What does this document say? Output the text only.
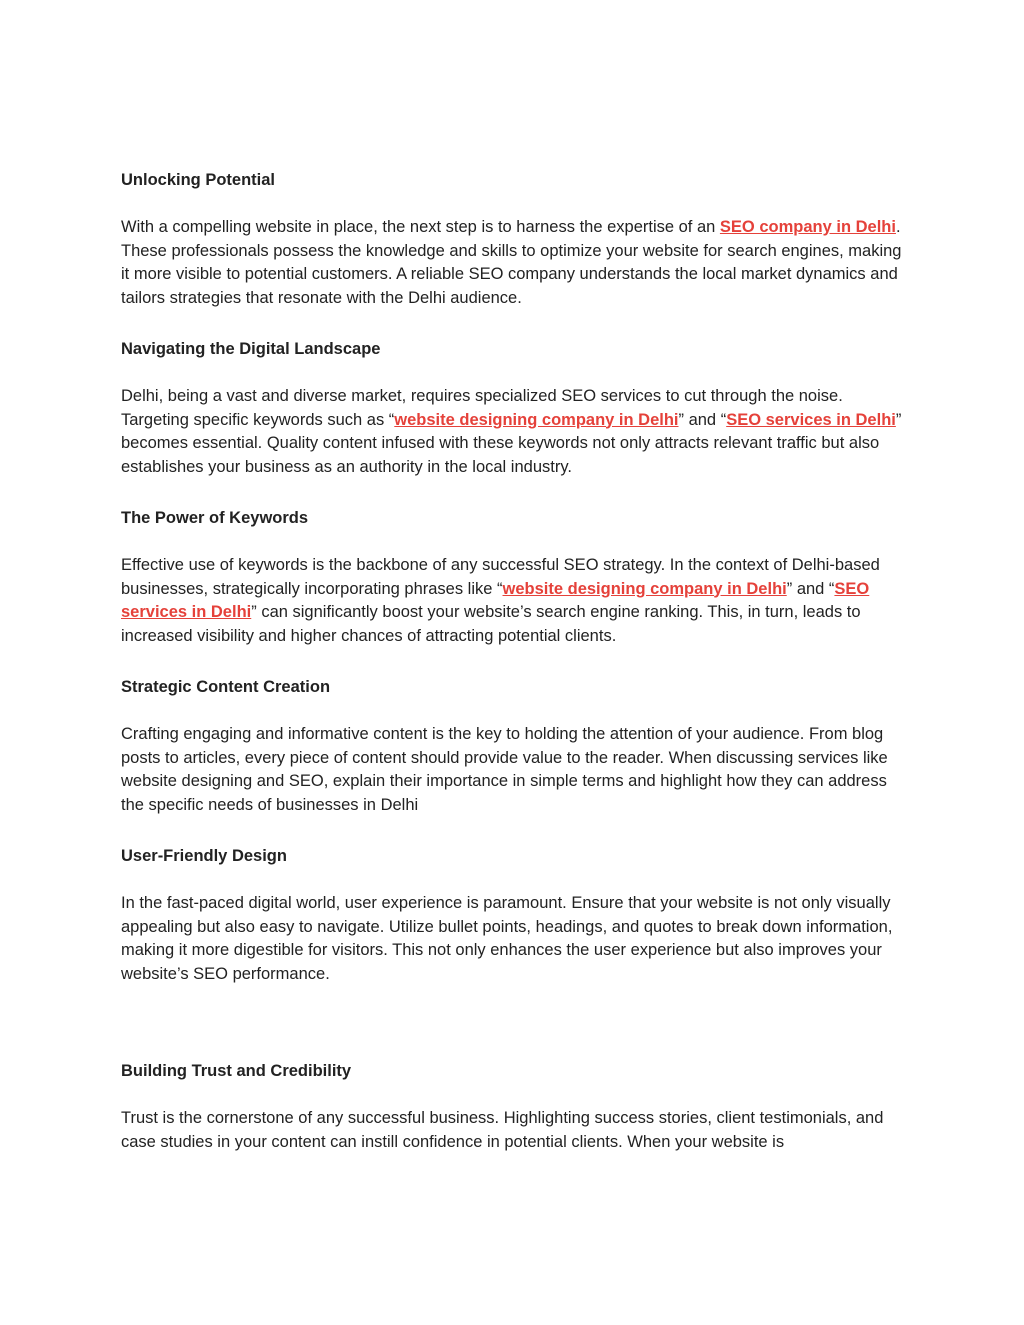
Unlocking Potential

With a compelling website in place, the next step is to harness the expertise of an SEO company in Delhi. These professionals possess the knowledge and skills to optimize your website for search engines, making it more visible to potential customers. A reliable SEO company understands the local market dynamics and tailors strategies that resonate with the Delhi audience.

Navigating the Digital Landscape

Delhi, being a vast and diverse market, requires specialized SEO services to cut through the noise. Targeting specific keywords such as “website designing company in Delhi” and “SEO services in Delhi” becomes essential. Quality content infused with these keywords not only attracts relevant traffic but also establishes your business as an authority in the local industry.

The Power of Keywords

Effective use of keywords is the backbone of any successful SEO strategy. In the context of Delhi-based businesses, strategically incorporating phrases like “website designing company in Delhi” and “SEO services in Delhi” can significantly boost your website’s search engine ranking. This, in turn, leads to increased visibility and higher chances of attracting potential clients.

Strategic Content Creation

Crafting engaging and informative content is the key to holding the attention of your audience. From blog posts to articles, every piece of content should provide value to the reader. When discussing services like website designing and SEO, explain their importance in simple terms and highlight how they can address the specific needs of businesses in Delhi

User-Friendly Design

In the fast-paced digital world, user experience is paramount. Ensure that your website is not only visually appealing but also easy to navigate. Utilize bullet points, headings, and quotes to break down information, making it more digestible for visitors. This not only enhances the user experience but also improves your website’s SEO performance.

Building Trust and Credibility

Trust is the cornerstone of any successful business. Highlighting success stories, client testimonials, and case studies in your content can instill confidence in potential clients. When your website is
